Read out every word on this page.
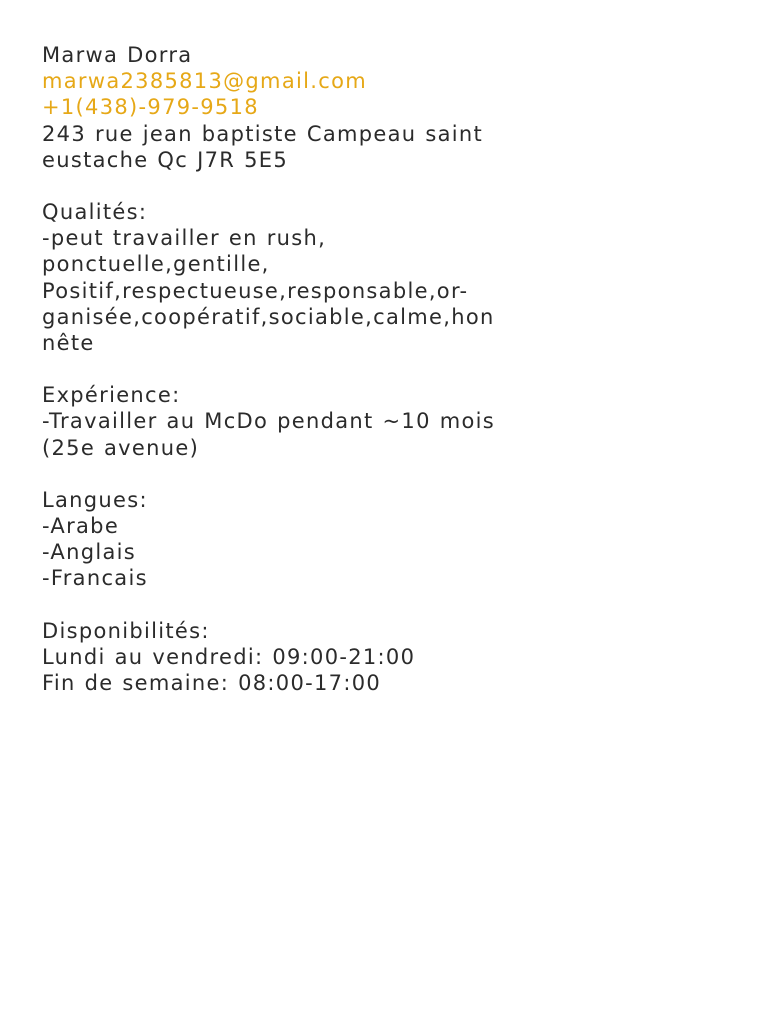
Marwa Dorra
marwa2385813@gmail.com
+1(438)-979-9518
243 rue jean baptiste Campeau saint
eustache Qc J7R 5E5
Qualités:
-peut travailler en rush,
ponctuelle,gentille,
Positif,respectueuse,responsable,or-
ganisée,coopératif,sociable,calme,hon
nête
Expérience:
-Travailler au McDo pendant ~10 mois
(25e avenue)
Langues:
-Arabe
-Anglais
-Francais
Disponibilités:
Lundi au vendredi: 09:00-21:00
Fin de semaine: 08:00-17:00
